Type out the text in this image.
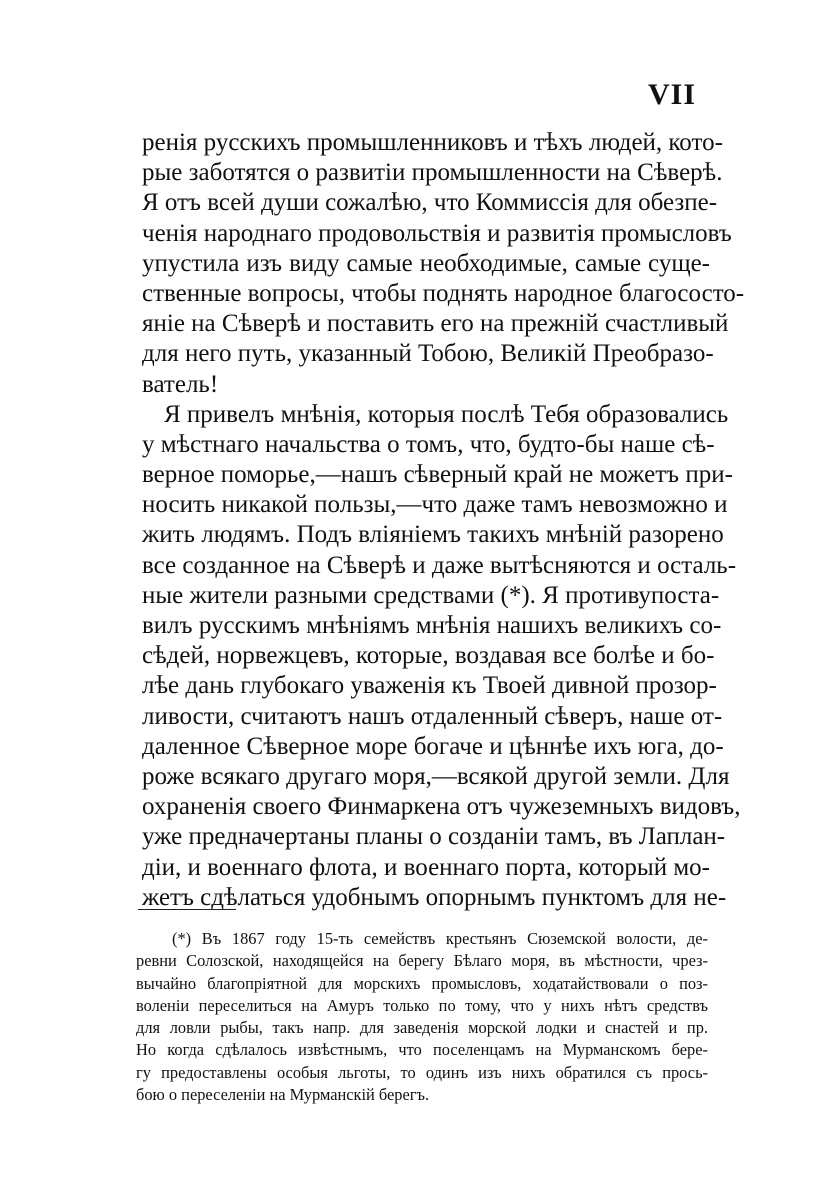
VII
ренія русскихъ промышленниковъ и тѣхъ людей, кото-
рые заботятся о развитіи промышленности на Сѣверѣ.
Я отъ всей души сожалѣю, что Коммиссія для обезпе-
ченія народнаго продовольствія и развитія промысловъ
упустила изъ виду самые необходимые, самые суще-
ственные вопросы, чтобы поднять народное благососто-
яніе на Сѣверѣ и поставить его на прежній счастливый
для него путь, указанный Тобою, Великій Преобразо-
ватель!
Я привелъ мнѣнія, которыя послѣ Тебя образовались
у мѣстнаго начальства о томъ, что, будто-бы наше сѣ-
верное поморье,—нашъ сѣверный край не можетъ при-
носить никакой пользы,—что даже тамъ невозможно и
жить людямъ. Подъ вліяніемъ такихъ мнѣній разорено
все созданное на Сѣверѣ и даже вытѣсняются и осталь-
ные жители разными средствами (*). Я противупоста-
вилъ русскимъ мнѣніямъ мнѣнія нашихъ великихъ со-
сѣдей, норвежцевъ, которые, воздавая все болѣе и бо-
лѣе дань глубокаго уваженія къ Твоей дивной прозор-
ливости, считаютъ нашъ отдаленный сѣверъ, наше от-
даленное Сѣверное море богаче и цѣннѣе ихъ юга, до-
роже всякаго другаго моря,—всякой другой земли. Для
охраненія своего Финмаркена отъ чужеземныхъ видовъ,
уже предначертаны планы о созданіи тамъ, въ Лаплан-
діи, и военнаго флота, и военнаго порта, который мо-
жетъ сдѣлаться удобнымъ опорнымъ пунктомъ для не-
(*) Въ 1867 году 15-ть семействъ крестьянъ Сюземской волости, де-
ревни Солозской, находящейся на берегу Бѣлаго моря, въ мѣстности, чрез-
вычайно благопріятной для морскихъ промысловъ, ходатайствовали о поз-
воленіи переселиться на Амуръ только по тому, что у нихъ нѣтъ средствъ
для ловли рыбы, такъ напр. для заведенія морской лодки и снастей и пр.
Но когда сдѣлалось извѣстнымъ, что поселенцамъ на Мурманскомъ бере-
гу предоставлены особыя льготы, то одинъ изъ нихъ обратился съ прось-
бою о переселеніи на Мурманскій берегъ.
